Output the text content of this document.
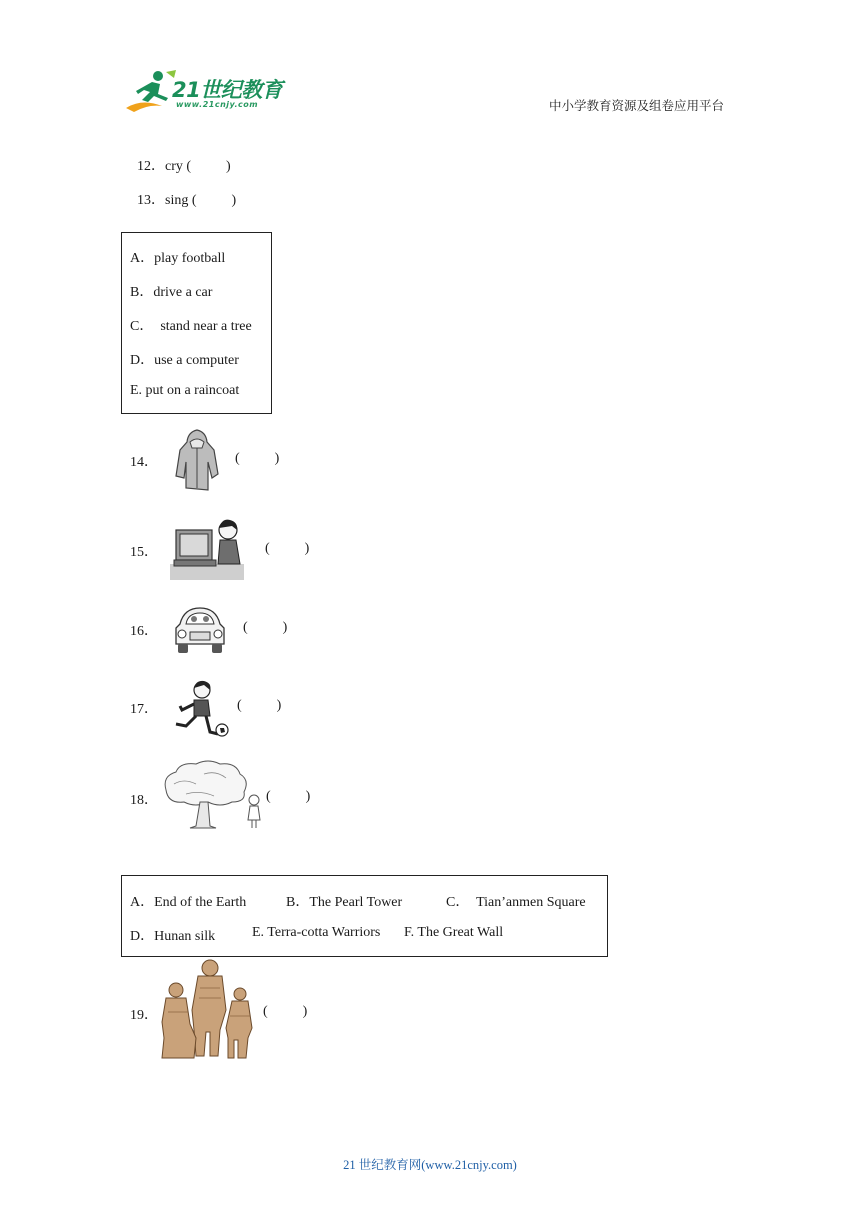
21世纪教育
www.21cnjy.com	中小学教育资源及组卷应用平台

12．cry (          )

13．sing (          )

A．play football
B．drive a car
C．  stand near a tree
D．use a computer
E. put on a raincoat
14．	(          )
15．	(          )
16．	(          )
17．	(          )
18．	(          )
A．End of the Earth	B．The Pearl Tower	C．  Tian’anmen Square
D．Hunan silk	E. Terra-cotta Warriors F. The Great Wall
19．	(          )
21 世纪教育网(www.21cnjy.com)
